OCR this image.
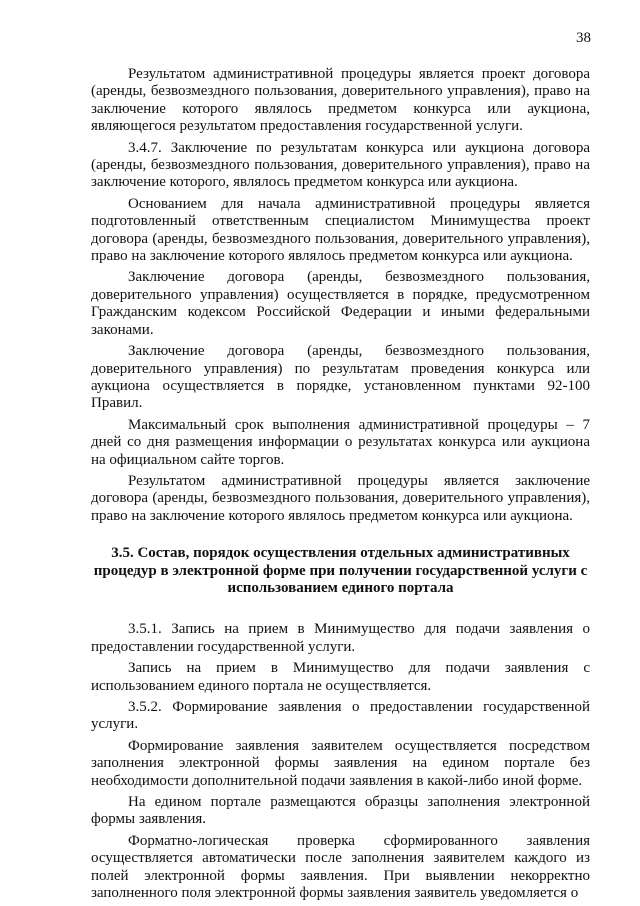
38

Результатом административной процедуры является проект договора (аренды, безвозмездного пользования, доверительного управления), право на заключение которого являлось предметом конкурса или аукциона, являющегося результатом предоставления государственной услуги.

3.4.7. Заключение по результатам конкурса или аукциона договора (аренды, безвозмездного пользования, доверительного управления), право на заключение которого, являлось предметом конкурса или аукциона.

Основанием для начала административной процедуры является подготовленный ответственным специалистом Минимущества проект договора (аренды, безвозмездного пользования, доверительного управления), право на заключение которого являлось предметом конкурса или аукциона.

Заключение договора (аренды, безвозмездного пользования, доверительного управления) осуществляется в порядке, предусмотренном Гражданским кодексом Российской Федерации и иными федеральными законами.

Заключение договора (аренды, безвозмездного пользования, доверительного управления) по результатам проведения конкурса или аукциона осуществляется в порядке, установленном пунктами 92-100 Правил.

Максимальный срок выполнения административной процедуры – 7 дней со дня размещения информации о результатах конкурса или аукциона на официальном сайте торгов.

Результатом административной процедуры является заключение договора (аренды, безвозмездного пользования, доверительного управления), право на заключение которого являлось предметом конкурса или аукциона.

3.5. Состав, порядок осуществления отдельных административных
процедур в электронной форме при получении государственной услуги с
использованием единого портала

3.5.1. Запись на прием в Минимущество для подачи заявления о предоставлении государственной услуги.

Запись на прием в Минимущество для подачи заявления с использованием единого портала не осуществляется.

3.5.2. Формирование заявления о предоставлении государственной услуги.

Формирование заявления заявителем осуществляется посредством заполнения электронной формы заявления на едином портале без необходимости дополнительной подачи заявления в какой-либо иной форме.

На едином портале размещаются образцы заполнения электронной формы заявления.

Форматно-логическая проверка сформированного заявления осуществляется автоматически после заполнения заявителем каждого из полей электронной формы заявления. При выявлении некорректно заполненного поля электронной формы заявления заявитель уведомляется о
